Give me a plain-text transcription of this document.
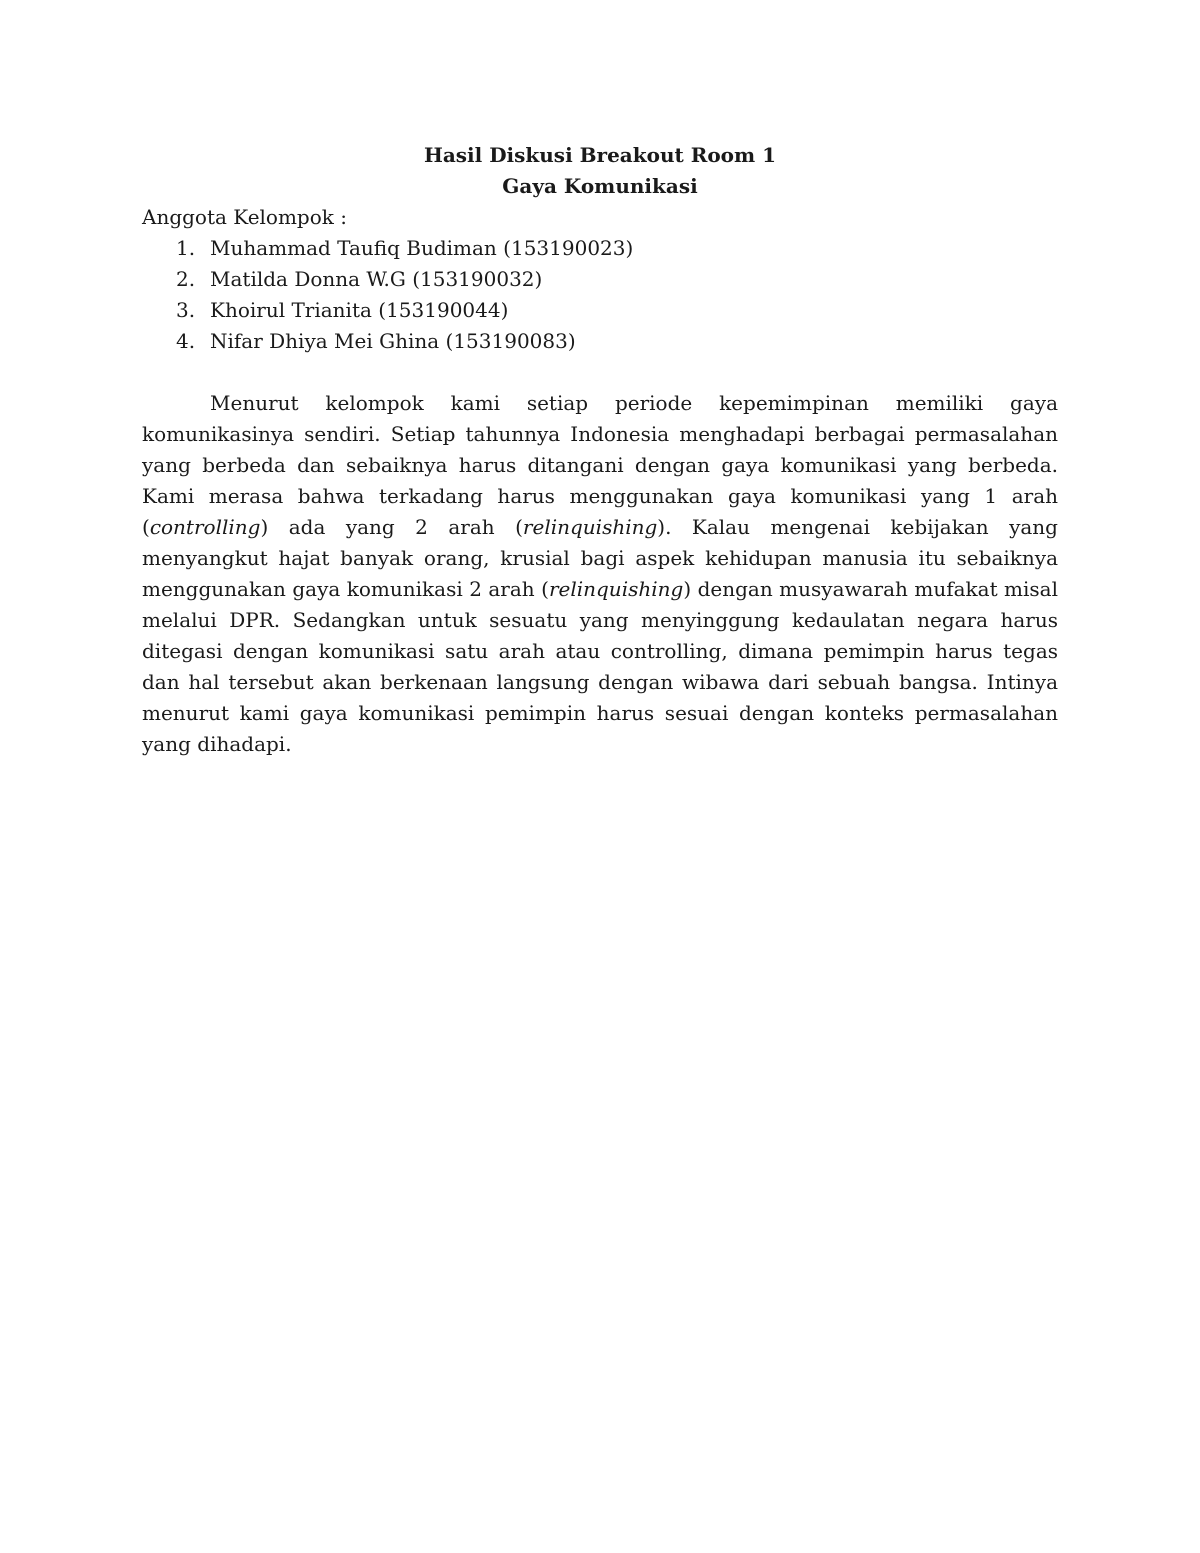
Hasil Diskusi Breakout Room 1

Gaya Komunikasi

Anggota Kelompok :

1. Muhammad Taufiq Budiman (153190023)
2. Matilda Donna W.G (153190032)
3. Khoirul Trianita (153190044)
4. Nifar Dhiya Mei Ghina (153190083)

Menurut kelompok kami setiap periode kepemimpinan memiliki gaya komunikasinya sendiri. Setiap tahunnya Indonesia menghadapi berbagai permasalahan yang berbeda dan sebaiknya harus ditangani dengan gaya komunikasi yang berbeda. Kami merasa bahwa terkadang harus menggunakan gaya komunikasi yang 1 arah (controlling) ada yang 2 arah (relinquishing). Kalau mengenai kebijakan yang menyangkut hajat banyak orang, krusial bagi aspek kehidupan manusia itu sebaiknya menggunakan gaya komunikasi 2 arah (relinquishing) dengan musyawarah mufakat misal melalui DPR. Sedangkan untuk sesuatu yang menyinggung kedaulatan negara harus ditegasi dengan komunikasi satu arah atau controlling, dimana pemimpin harus tegas dan hal tersebut akan berkenaan langsung dengan wibawa dari sebuah bangsa. Intinya menurut kami gaya komunikasi pemimpin harus sesuai dengan konteks permasalahan yang dihadapi.
